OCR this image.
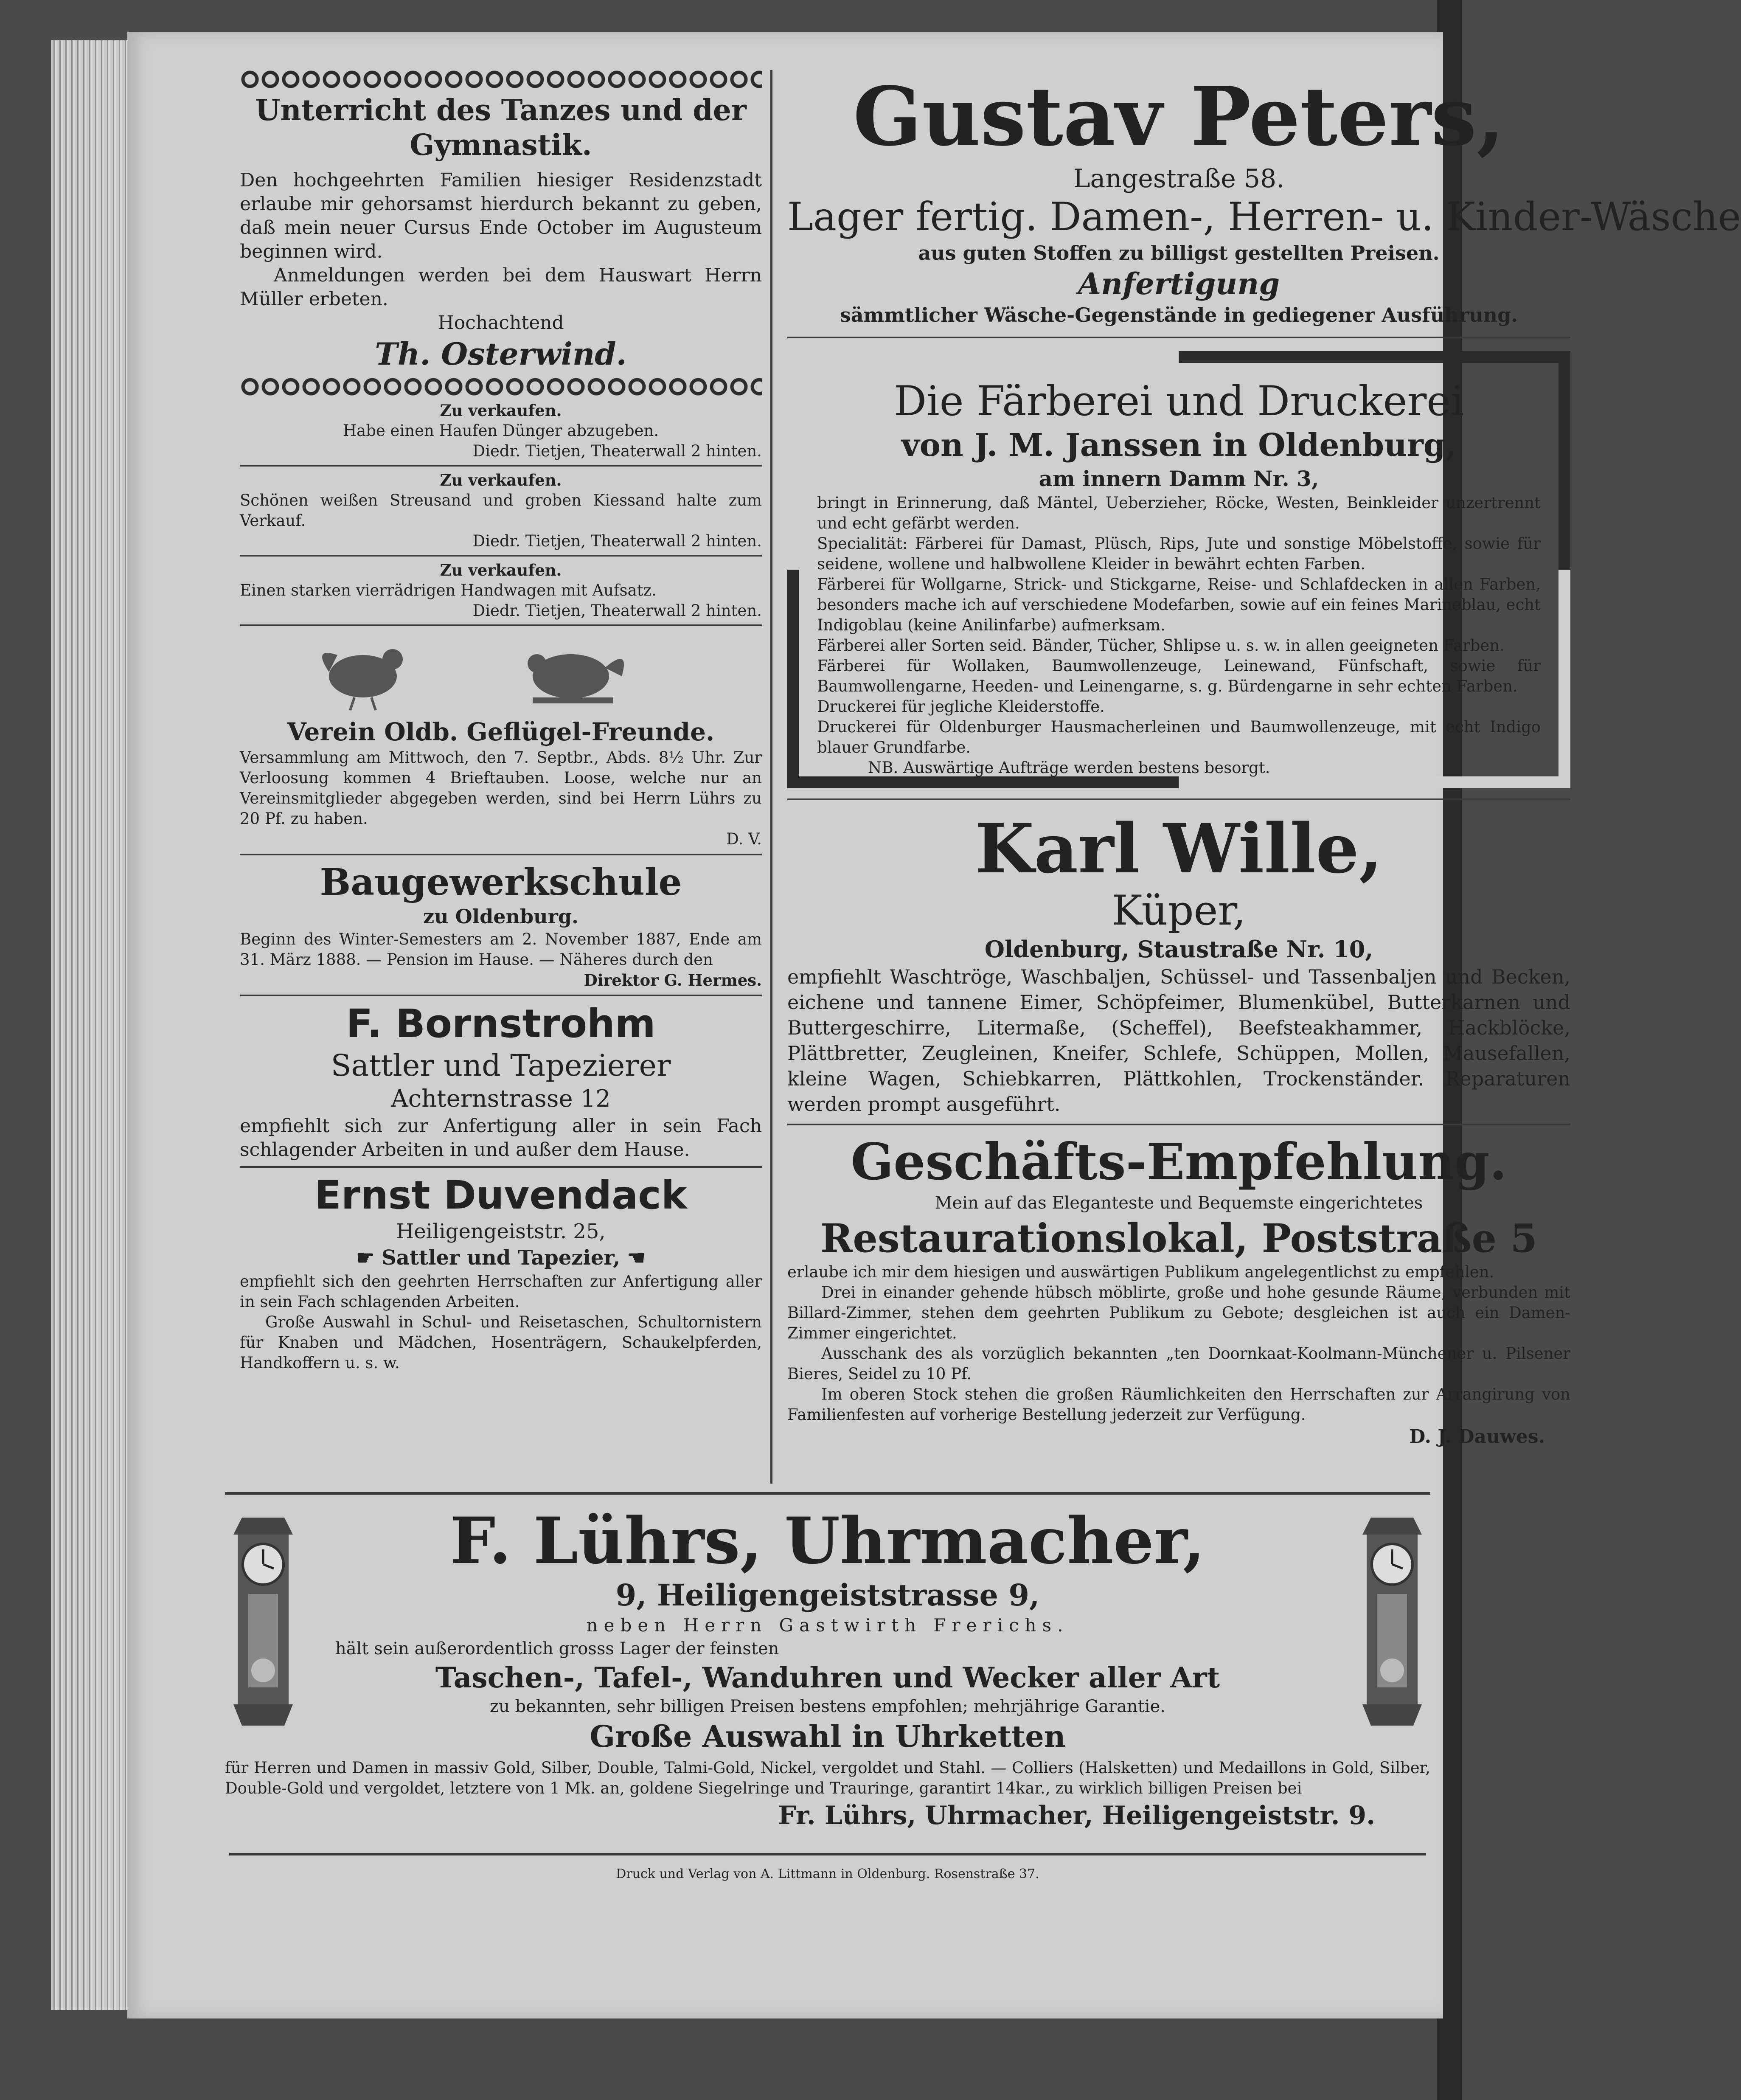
Unterricht des Tanzes und der Gymnastik.

Den hochgeehrten Familien hiesiger Residenzstadt erlaube mir gehorsamst hierdurch bekannt zu geben, daß mein neuer Cursus Ende October im Augusteum beginnen wird.

Anmeldungen werden bei dem Hauswart Herrn Müller erbeten.

Hochachtend

Th. Osterwind.

Zu verkaufen.

Habe einen Haufen Dünger abzugeben.

Diedr. Tietjen, Theaterwall 2 hinten.

Zu verkaufen.

Schönen weißen Streusand und groben Kiessand halte zum Verkauf.

Diedr. Tietjen, Theaterwall 2 hinten.

Zu verkaufen.

Einen starken vierrädrigen Handwagen mit Aufsatz.

Diedr. Tietjen, Theaterwall 2 hinten.

Verein Oldb. Geflügel-Freunde.

Versammlung am Mittwoch, den 7. Septbr., Abds. 8½ Uhr. Zur Verloosung kommen 4 Brieftauben. Loose, welche nur an Vereinsmitglieder abgegeben werden, sind bei Herrn Lührs zu 20 Pf. zu haben.

D. V.

Baugewerkschule
zu Oldenburg.

Beginn des Winter-Semesters am 2. November 1887, Ende am 31. März 1888. — Pension im Hause. — Näheres durch den

Direktor G. Hermes.

F. Bornstrohm
Sattler und Tapezierer
Achternstrasse 12

empfiehlt sich zur Anfertigung aller in sein Fach schlagender Arbeiten in und außer dem Hause.

Ernst Duvendack
Heiligengeiststr. 25,
☛ Sattler und Tapezier, ☚

empfiehlt sich den geehrten Herrschaften zur Anfertigung aller in sein Fach schlagenden Arbeiten.

Große Auswahl in Schul- und Reisetaschen, Schultornistern für Knaben und Mädchen, Hosenträgern, Schaukelpferden, Handkoffern u. s. w.

Gustav Peters,
Langestraße 58.
Lager fertig. Damen-, Herren- u. Kinder-Wäsche
aus guten Stoffen zu billigst gestellten Preisen.
Anfertigung
sämmtlicher Wäsche-Gegenstände in gediegener Ausführung.
Die Färberei und Druckerei
von J. M. Janssen in Oldenburg,
am innern Damm Nr. 3,

bringt in Erinnerung, daß Mäntel, Ueberzieher, Röcke, Westen, Beinkleider unzertrennt und echt gefärbt werden.

Specialität: Färberei für Damast, Plüsch, Rips, Jute und sonstige Möbelstoffe, sowie für seidene, wollene und halbwollene Kleider in bewährt echten Farben.

Färberei für Wollgarne, Strick- und Stickgarne, Reise- und Schlafdecken in allen Farben, besonders mache ich auf verschiedene Modefarben, sowie auf ein feines Marineblau, echt Indigoblau (keine Anilinfarbe) aufmerksam.

Färberei aller Sorten seid. Bänder, Tücher, Shlipse u. s. w. in allen geeigneten Farben.

Färberei für Wollaken, Baumwollenzeuge, Leinewand, Fünfschaft, sowie für Baumwollengarne, Heeden- und Leinengarne, s. g. Bürdengarne in sehr echten Farben.

Druckerei für jegliche Kleiderstoffe.

Druckerei für Oldenburger Hausmacherleinen und Baumwollenzeuge, mit echt Indigo blauer Grundfarbe.

NB. Auswärtige Aufträge werden bestens besorgt.

Karl Wille,
Küper,
Oldenburg, Staustraße Nr. 10,

empfiehlt Waschtröge, Waschbaljen, Schüssel- und Tassenbaljen und Becken, eichene und tannene Eimer, Schöpfeimer, Blumenkübel, Butterkarnen und Buttergeschirre, Litermaße, (Scheffel), Beefsteakhammer, Hackblöcke, Plättbretter, Zeugleinen, Kneifer, Schlefe, Schüppen, Mollen, Mausefallen, kleine Wagen, Schiebkarren, Plättkohlen, Trockenständer. Reparaturen werden prompt ausgeführt.

Geschäfts-Empfehlung.
Mein auf das Eleganteste und Bequemste eingerichtetes
Restaurationslokal, Poststraße 5

erlaube ich mir dem hiesigen und auswärtigen Publikum angelegentlichst zu empfehlen.

Drei in einander gehende hübsch möblirte, große und hohe gesunde Räume, verbunden mit Billard-Zimmer, stehen dem geehrten Publikum zu Gebote; desgleichen ist auch ein Damen-Zimmer eingerichtet.

Ausschank des als vorzüglich bekannten „ten Doornkaat-Koolmann-Münchener u. Pilsener Bieres, Seidel zu 10 Pf.

Im oberen Stock stehen die großen Räumlichkeiten den Herrschaften zur Arrangirung von Familienfesten auf vorherige Bestellung jederzeit zur Verfügung.

D. J. Dauwes.

F. Lührs, Uhrmacher,
9, Heiligengeiststrasse 9,
neben Herrn Gastwirth Frerichs.
hält sein außerordentlich grosss Lager der feinsten
Taschen-, Tafel-, Wanduhren und Wecker aller Art
zu bekannten, sehr billigen Preisen bestens empfohlen; mehrjährige Garantie.
Große Auswahl in Uhrketten

für Herren und Damen in massiv Gold, Silber, Double, Talmi-Gold, Nickel, vergoldet und Stahl. — Colliers (Halsketten) und Medaillons in Gold, Silber, Double-Gold und vergoldet, letztere von 1 Mk. an, goldene Siegelringe und Trauringe, garantirt 14kar., zu wirklich billigen Preisen bei

Fr. Lührs, Uhrmacher, Heiligengeiststr. 9.
Druck und Verlag von A. Littmann in Oldenburg. Rosenstraße 37.
